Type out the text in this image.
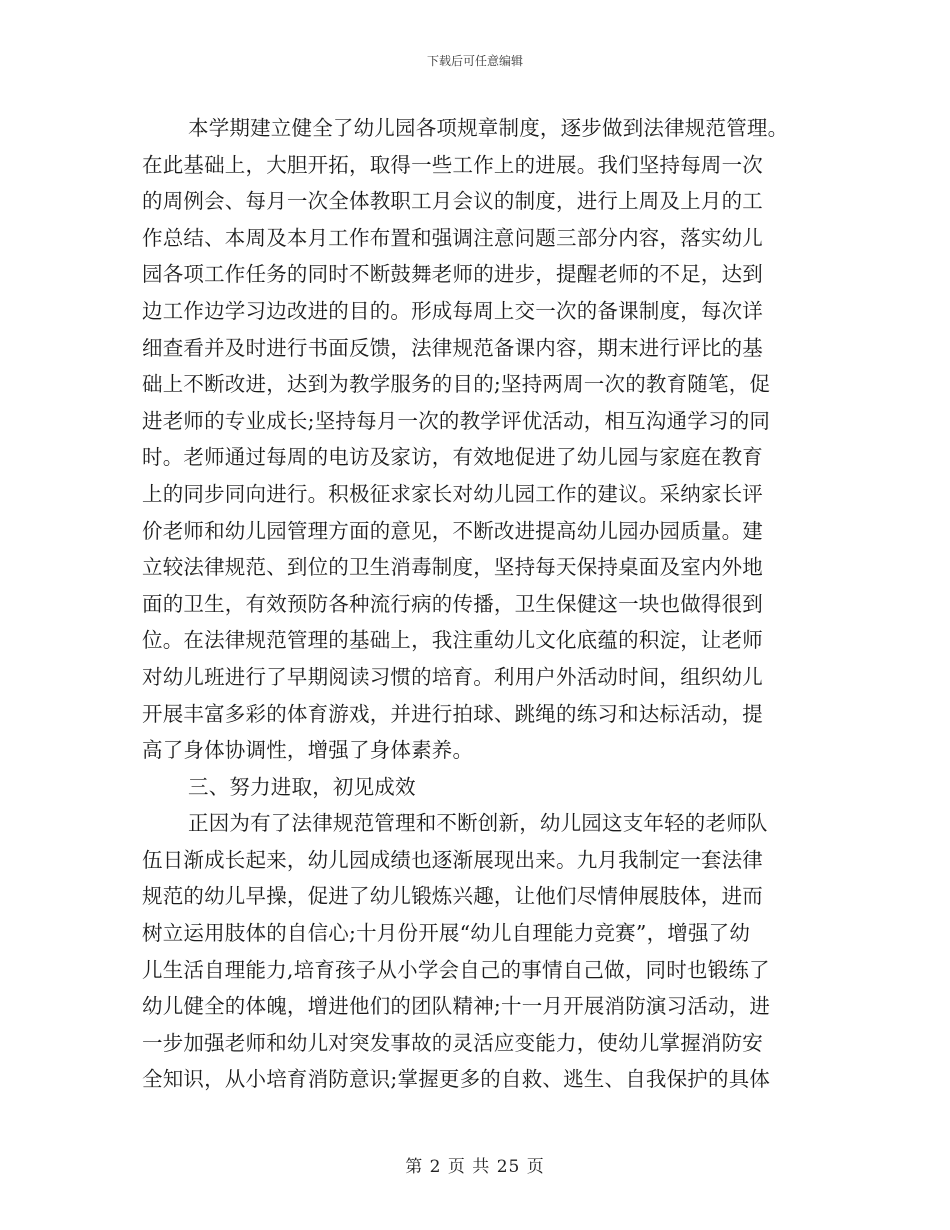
下载后可任意编辑
本学期建立健全了幼儿园各项规章制度，逐步做到法律规范管理。
在此基础上，大胆开拓，取得一些工作上的进展。我们坚持每周一次
的周例会、每月一次全体教职工月会议的制度，进行上周及上月的工
作总结、本周及本月工作布置和强调注意问题三部分内容，落实幼儿
园各项工作任务的同时不断鼓舞老师的进步，提醒老师的不足，达到
边工作边学习边改进的目的。形成每周上交一次的备课制度，每次详
细查看并及时进行书面反馈，法律规范备课内容，期末进行评比的基
础上不断改进，达到为教学服务的目的;坚持两周一次的教育随笔，促
进老师的专业成长;坚持每月一次的教学评优活动，相互沟通学习的同
时。老师通过每周的电访及家访，有效地促进了幼儿园与家庭在教育
上的同步同向进行。积极征求家长对幼儿园工作的建议。采纳家长评
价老师和幼儿园管理方面的意见，不断改进提高幼儿园办园质量。建
立较法律规范、到位的卫生消毒制度，坚持每天保持桌面及室内外地
面的卫生，有效预防各种流行病的传播，卫生保健这一块也做得很到
位。在法律规范管理的基础上，我注重幼儿文化底蕴的积淀，让老师
对幼儿班进行了早期阅读习惯的培育。利用户外活动时间，组织幼儿
开展丰富多彩的体育游戏，并进行拍球、跳绳的练习和达标活动，提
高了身体协调性，增强了身体素养。
三、努力进取，初见成效
正因为有了法律规范管理和不断创新，幼儿园这支年轻的老师队
伍日渐成长起来，幼儿园成绩也逐渐展现出来。九月我制定一套法律
规范的幼儿早操，促进了幼儿锻炼兴趣，让他们尽情伸展肢体，进而
树立运用肢体的自信心;十月份开展“幼儿自理能力竞赛”，增强了幼
儿生活自理能力,培育孩子从小学会自己的事情自己做，同时也锻练了
幼儿健全的体魄，增进他们的团队精神;十一月开展消防演习活动，进
一步加强老师和幼儿对突发事故的灵活应变能力，使幼儿掌握消防安
全知识，从小培育消防意识;掌握更多的自救、逃生、自我保护的具体
第 2 页 共 25 页
